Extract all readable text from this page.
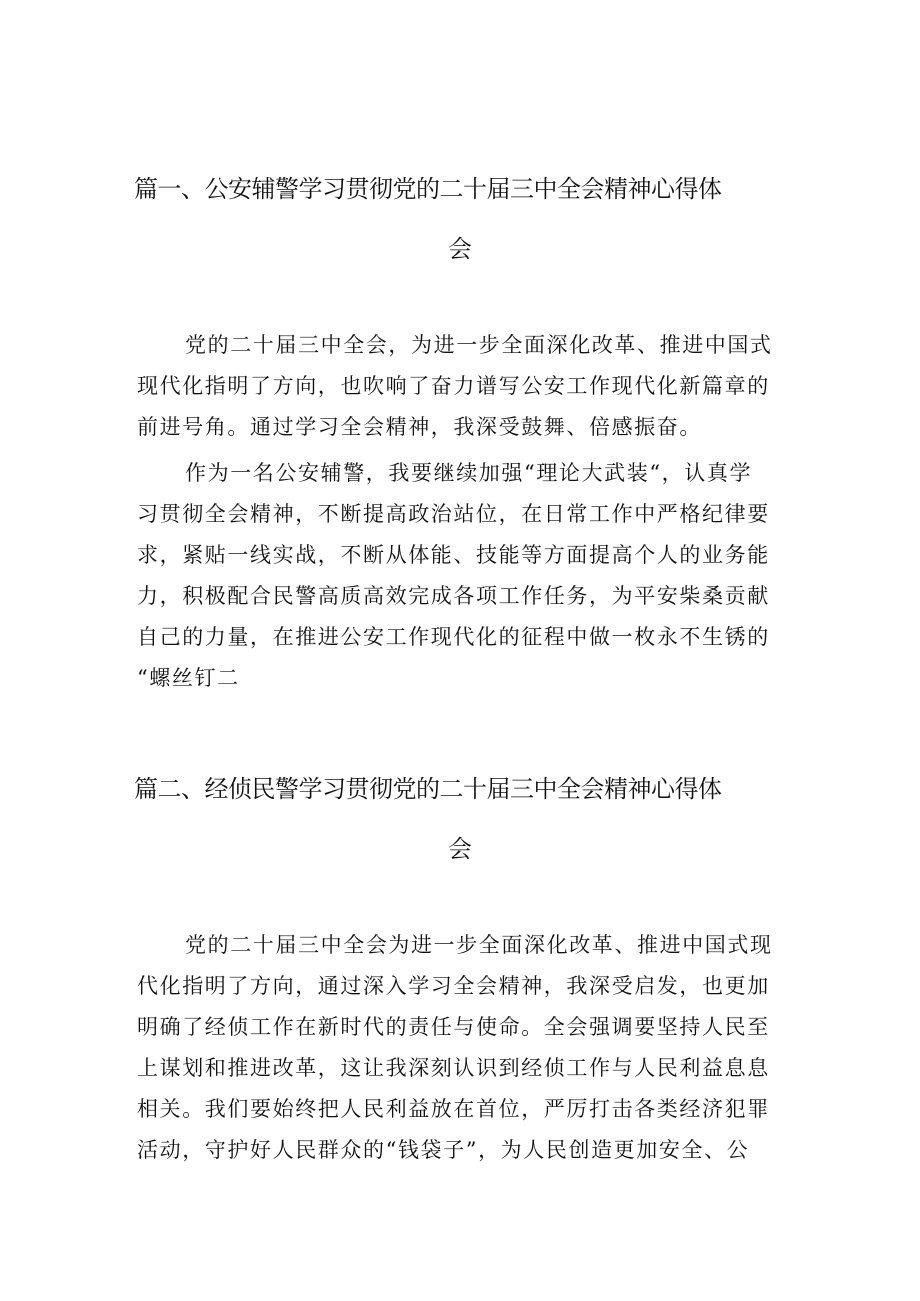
篇一、公安辅警学习贯彻党的二十届三中全会精神心得体

会

党的二十届三中全会，为进一步全面深化改革、推进中国式
现代化指明了方向，也吹响了奋力谱写公安工作现代化新篇章的
前进号角。通过学习全会精神，我深受鼓舞、倍感振奋。
作为一名公安辅警，我要继续加强“理论大武装“，认真学
习贯彻全会精神，不断提高政治站位，在日常工作中严格纪律要
求，紧贴一线实战，不断从体能、技能等方面提高个人的业务能
力，积极配合民警高质高效完成各项工作任务，为平安柴桑贡献
自己的力量，在推进公安工作现代化的征程中做一枚永不生锈的
“螺丝钉二
篇二、经侦民警学习贯彻党的二十届三中全会精神心得体

会

党的二十届三中全会为进一步全面深化改革、推进中国式现
代化指明了方向，通过深入学习全会精神，我深受启发，也更加
明确了经侦工作在新时代的责任与使命。全会强调要坚持人民至
上谋划和推进改革，这让我深刻认识到经侦工作与人民利益息息
相关。我们要始终把人民利益放在首位，严厉打击各类经济犯罪
活动，守护好人民群众的“钱袋子”，为人民创造更加安全、公
